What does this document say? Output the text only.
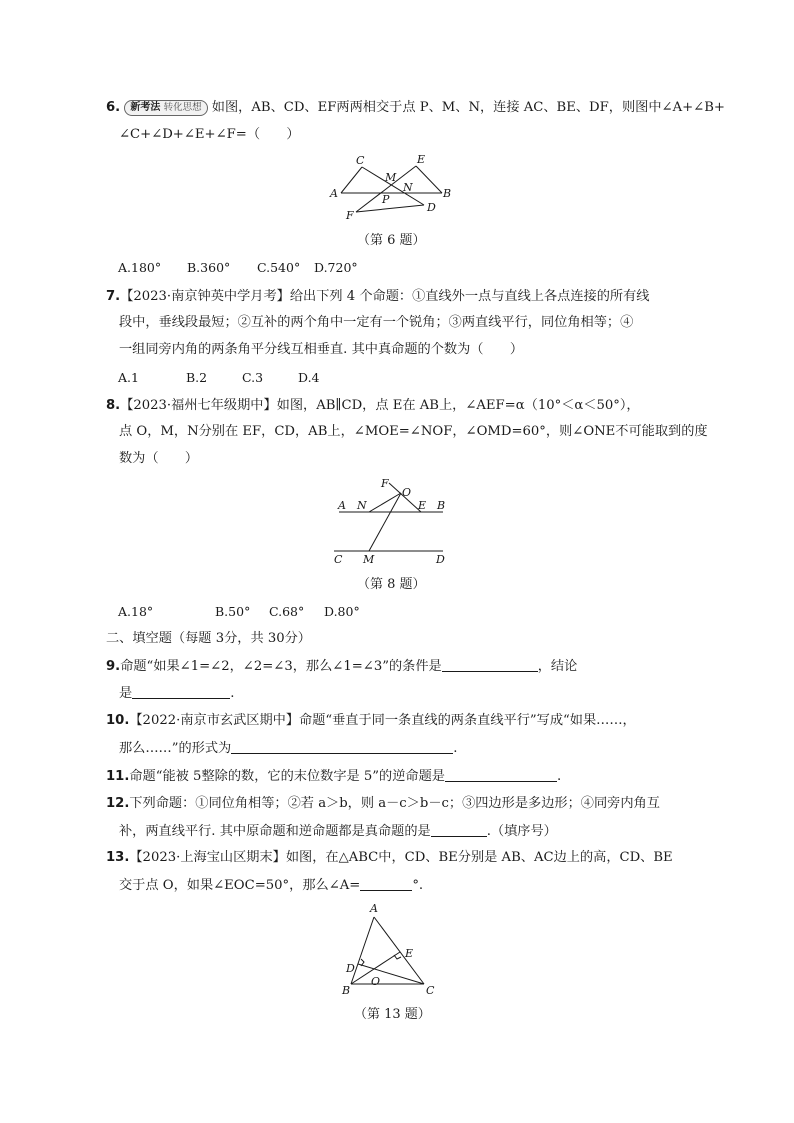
6. 新考法 转化思想 如图，AB、CD、EF两两相交于点 P、M、N，连接 AC、BE、DF，则图中∠A+∠B+
∠C+∠D+∠E+∠F=（　　）
C	E
M
N
A	B
P
F
D
（第 6 题）
A.180° B.360° C.540° D.720°
7.【2023·南京钟英中学月考】给出下列 4 个命题：①直线外一点与直线上各点连接的所有线
段中，垂线段最短；②互补的两个角中一定有一个锐角；③两直线平行，同位角相等；④
一组同旁内角的两条角平分线互相垂直. 其中真命题的个数为（　　）
A.1	B.2	C.3	D.4
8.【2023·福州七年级期中】如图，AB∥CD，点 E在 AB上，∠AEF=α（10°＜α＜50°），
点 O，M，N分别在 EF，CD，AB上，∠MOE=∠NOF，∠OMD=60°，则∠ONE不可能取到的度
数为（　　）
F
O
A N	E B
C M	D
（第 8 题）
A.18°	B.50° C.68° D.80°
二、填空题（每题 3分，共 30分）
9.命题“如果∠1=∠2，∠2=∠3，那么∠1=∠3”的条件是	，结论
是	.
10.【2022·南京市玄武区期中】命题“垂直于同一条直线的两条直线平行”写成“如果……，
那么……”的形式为	.
11.命题“能被 5整除的数，它的末位数字是 5”的逆命题是	.
12.下列命题：①同位角相等；②若 a＞b，则 a－c＞b－c；③四边形是多边形；④同旁内角互
补，两直线平行. 其中原命题和逆命题都是真命题的是	.（填序号）
13.【2023·上海宝山区期末】如图，在△ABC中，CD、BE分别是 AB、AC边上的高，CD、BE
交于点 O，如果∠EOC=50°，那么∠A=	°.
A
E
D
O
B	C
（第 13 题）
